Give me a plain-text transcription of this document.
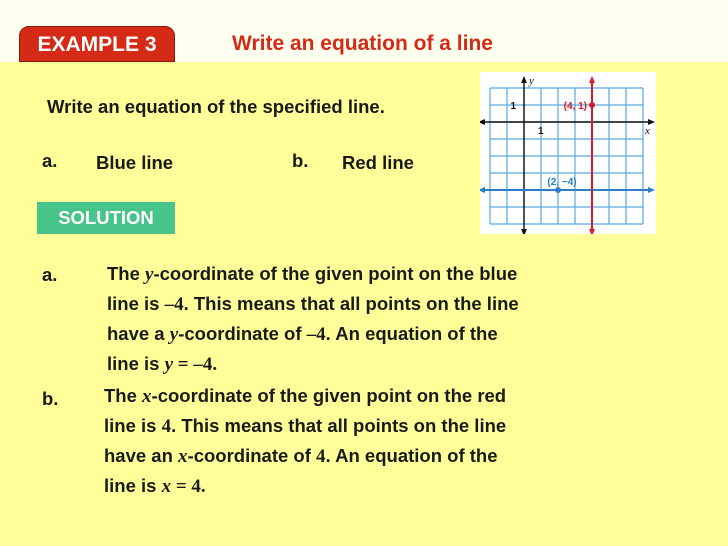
EXAMPLE 3	Write an equation of a line
Write an equation of the specified line.
a. Blue line	b. Red line
SOLUTION
x
y
1
1	(4, 1)
(2, −4)
a.	The y-coordinate of the given point on the blue
line is –4. This means that all points on the line
have a y-coordinate of –4. An equation of the
line is y = –4.
b. The x-coordinate of the given point on the red
line is 4. This means that all points on the line
have an x-coordinate of 4. An equation of the
line is x = 4.
